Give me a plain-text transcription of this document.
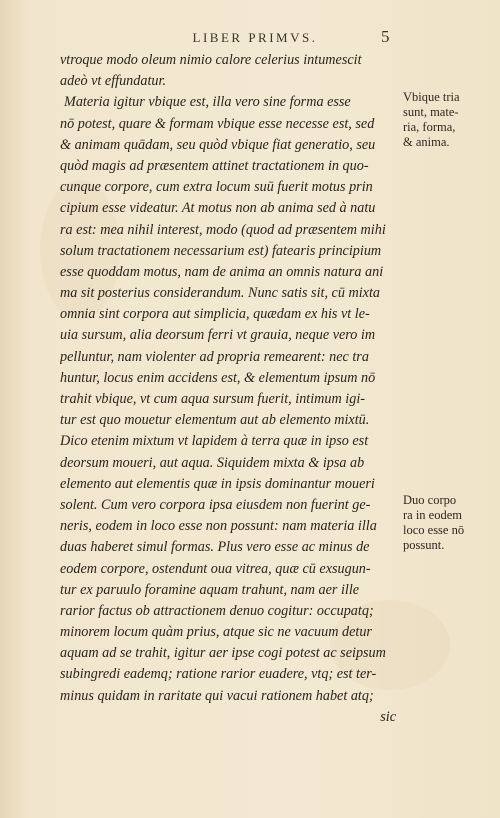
LIBER PRIMVS.	5
vtroque modo oleum nimio calore celerius intumescit
adeò vt effundatur.
Materia igitur vbique est, illa vero sine forma esse
nō potest, quare & formam vbique esse necesse est, sed
& animam quādam, seu quòd vbique fiat generatio, seu
quòd magis ad præsentem attinet tractationem in quo-
cunque corpore, cum extra locum suū fuerit motus prin
cipium esse videatur. At motus non ab anima sed à natu
ra est: mea nihil interest, modo (quod ad præsentem mihi
solum tractationem necessarium est) fatearis principium
esse quoddam motus, nam de anima an omnis natura ani
ma sit posterius considerandum. Nunc satis sit, cū mixta
omnia sint corpora aut simplicia, quædam ex his vt le-
uia sursum, alia deorsum ferri vt grauia, neque vero im
pelluntur, nam violenter ad propria remearent: nec tra
huntur, locus enim accidens est, & elementum ipsum nō
trahit vbique, vt cum aqua sursum fuerit, intimum igi-
tur est quo mouetur elementum aut ab elemento mixtū.
Dico etenim mixtum vt lapidem à terra quæ in ipso est
deorsum moueri, aut aqua. Siquidem mixta & ipsa ab
elemento aut elementis quæ in ipsis dominantur moueri
solent. Cum vero corpora ipsa eiusdem non fuerint ge-
neris, eodem in loco esse non possunt: nam materia illa
duas haberet simul formas. Plus vero esse ac minus de
eodem corpore, ostendunt oua vitrea, quæ cū exsugun-
tur ex paruulo foramine aquam trahunt, nam aer ille
rarior factus ob attractionem denuo cogitur: occupatq;
minorem locum quàm prius, atque sic ne vacuum detur
aquam ad se trahit, igitur aer ipse cogi potest ac seipsum
subingredi eademq; ratione rarior euadere, vtq; est ter-
minus quidam in raritate qui vacui rationem habet atq;
sic
Vbique tria
sunt, mate-
ria, forma,
& anima.
Duo corpo
ra in eodem
loco esse nō
possunt.
